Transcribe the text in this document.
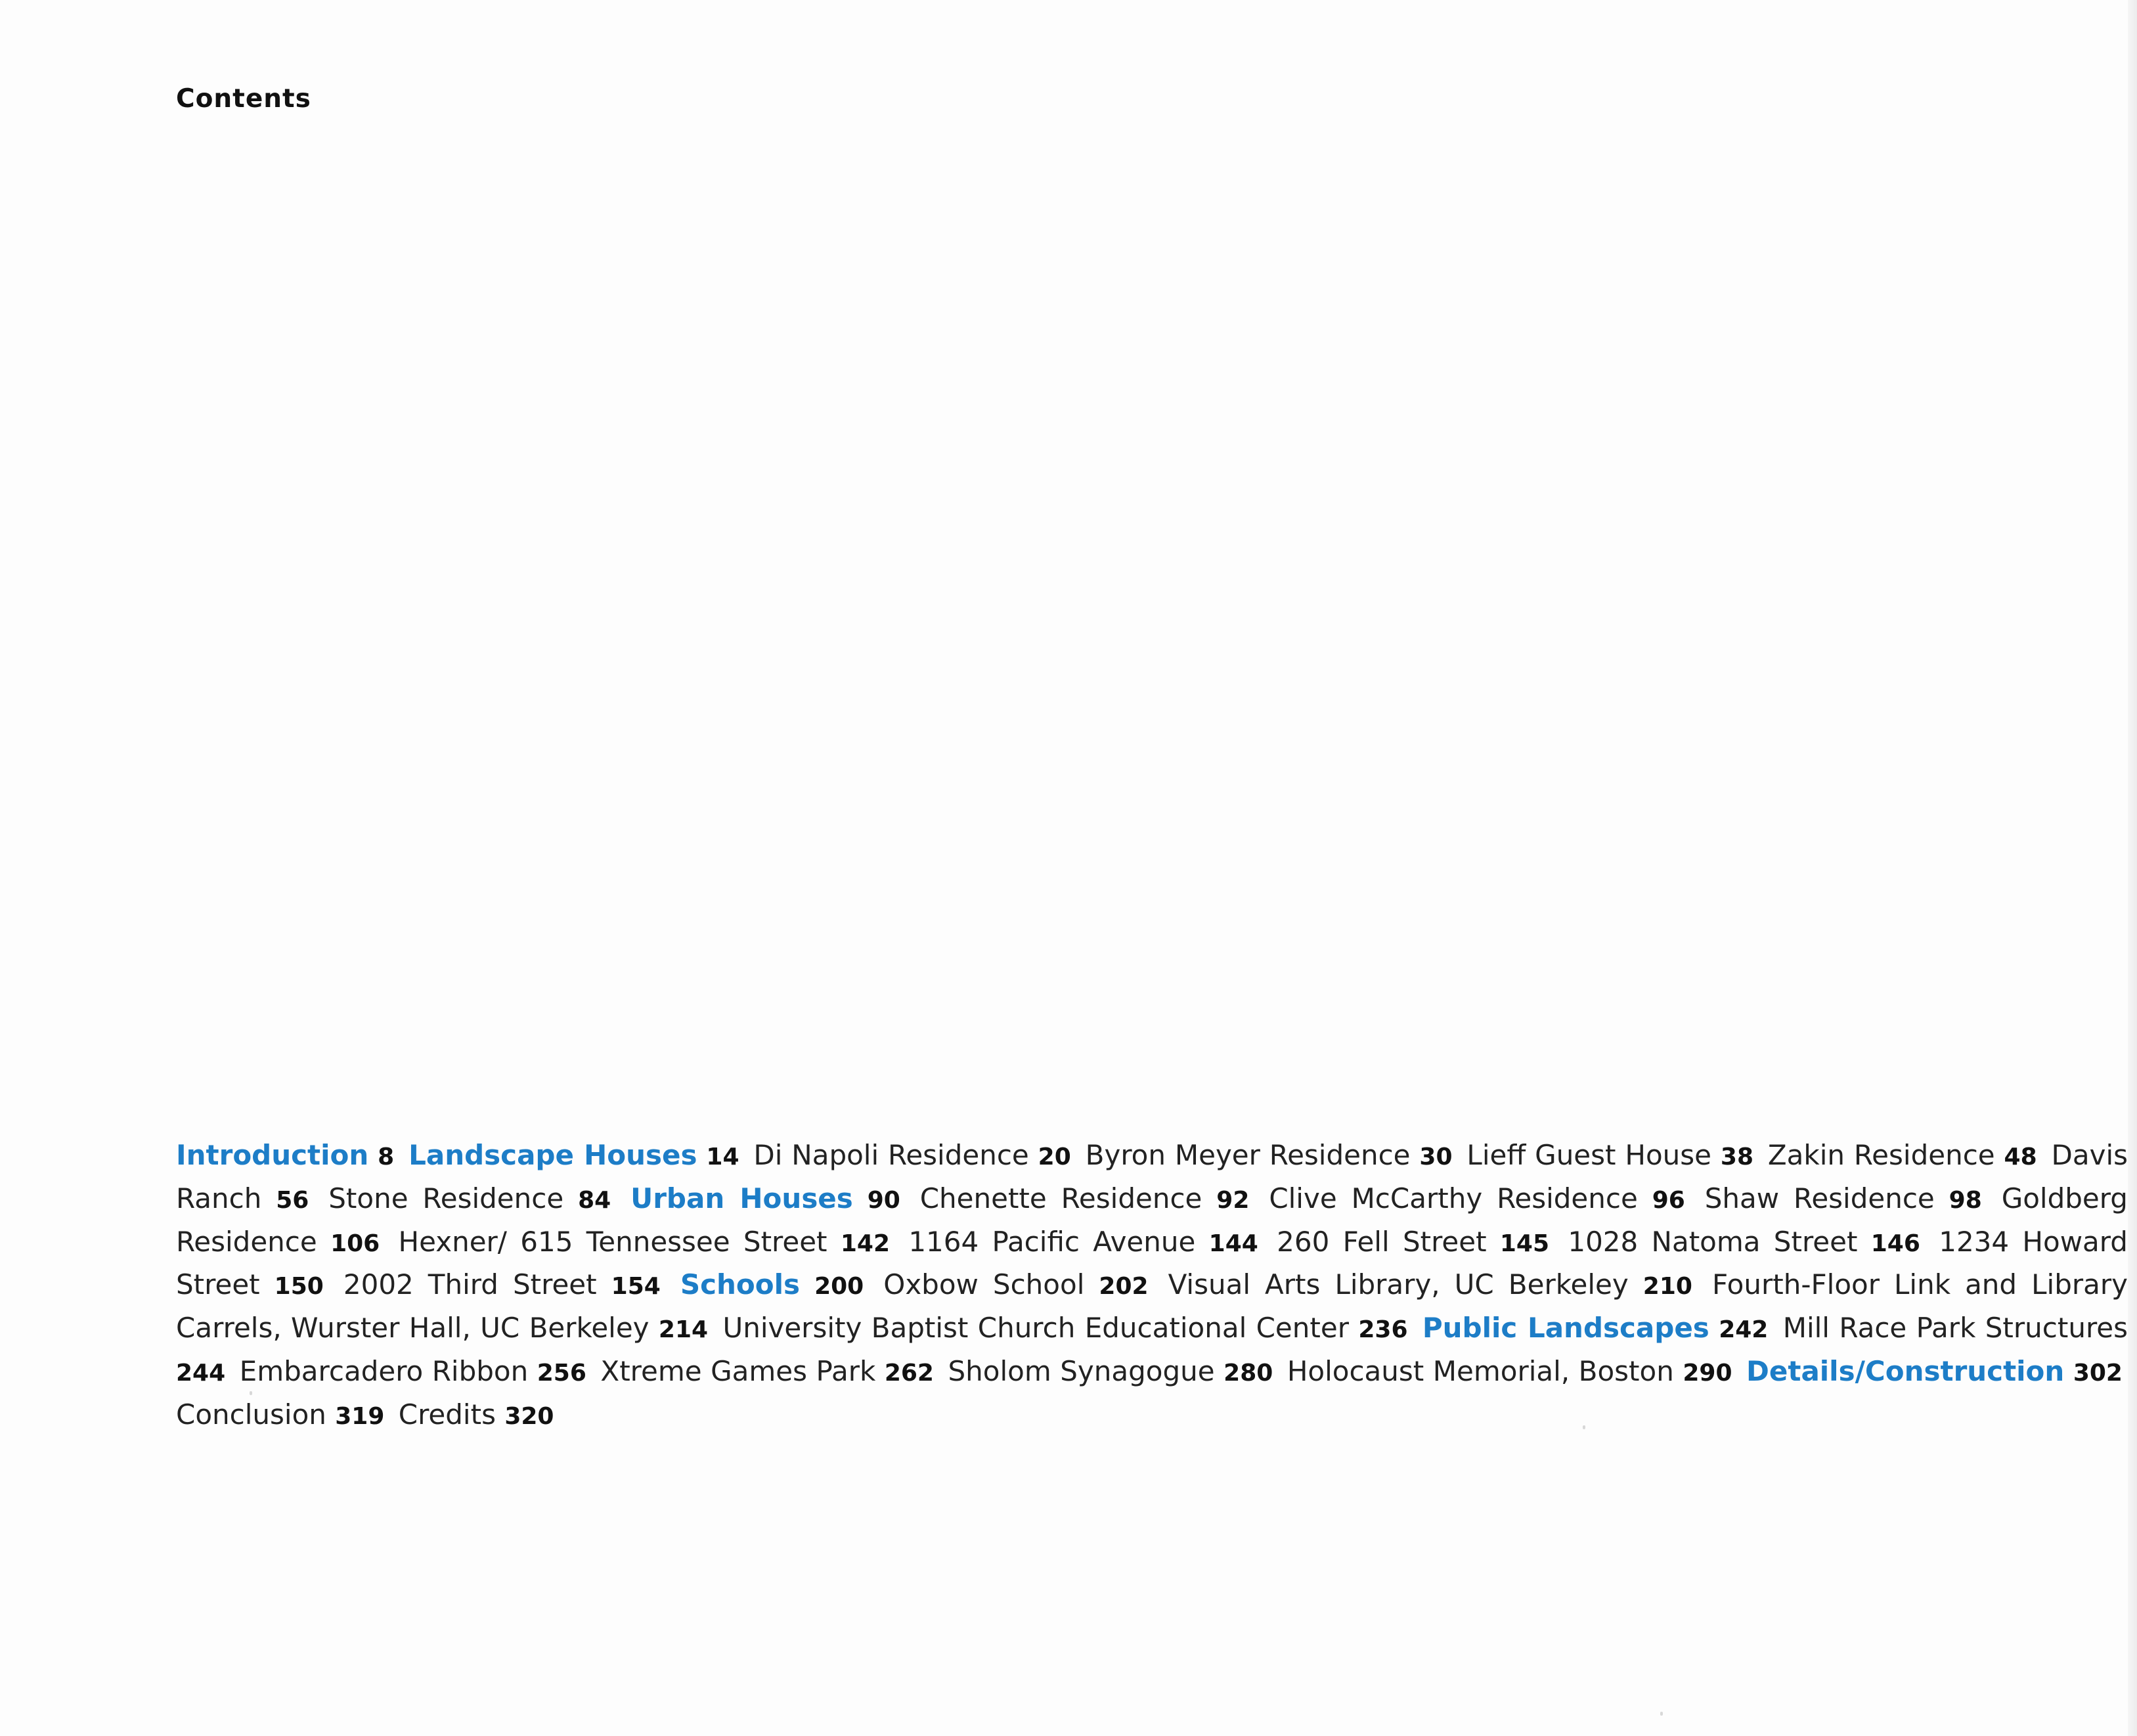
Contents
Introduction 8 Landscape Houses 14 Di Napoli Residence 20 Byron Meyer Residence 30 Lieff Guest House 38 Zakin Residence 48 Davis Ranch 56 Stone Residence 84 Urban Houses 90 Chenette Residence 92 Clive McCarthy Residence 96 Shaw Residence 98 Goldberg Residence 106 Hexner/ 615 Tennessee Street 142 1164 Pacific Avenue 144 260 Fell Street 145 1028 Natoma Street 146 1234 Howard Street 150 2002 Third Street 154 Schools 200 Oxbow School 202 Visual Arts Library, UC Berkeley 210 Fourth-Floor Link and Library Carrels, Wurster Hall, UC Berkeley 214 University Baptist Church Educational Center 236 Public Landscapes 242 Mill Race Park Structures 244 Embarcadero Ribbon 256 Xtreme Games Park 262 Sholom Synagogue 280 Holocaust Memorial, Boston 290 Details/Construction 302 Conclusion 319 Credits 320
